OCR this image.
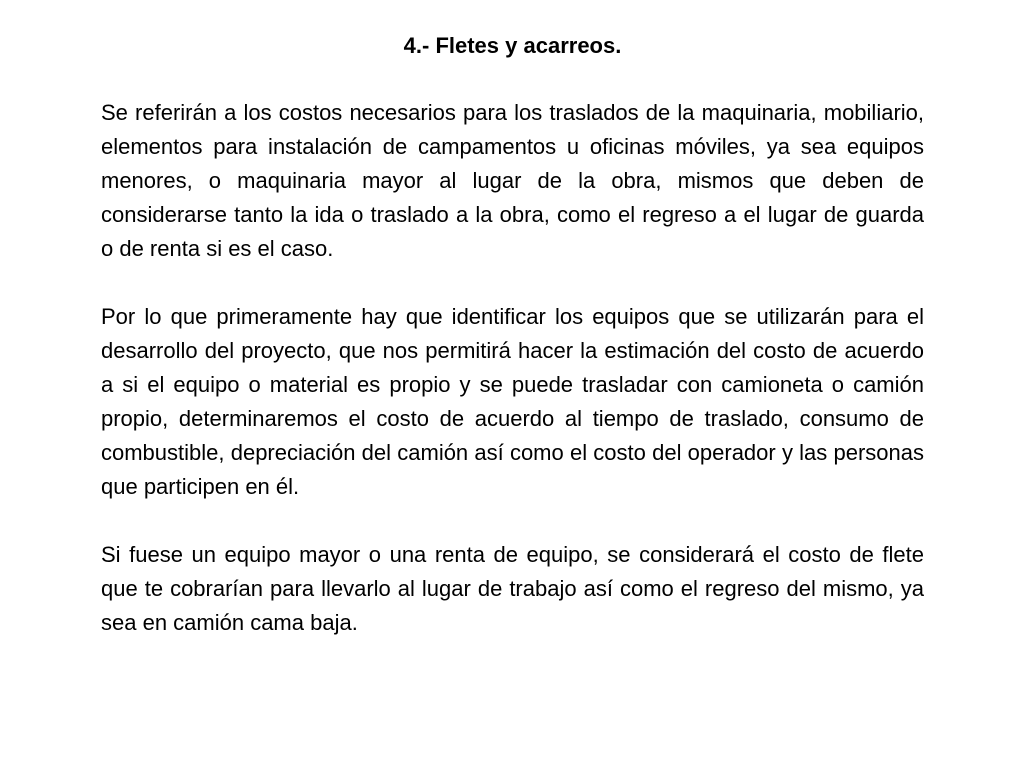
4.- Fletes y acarreos.

Se referirán a los costos necesarios para los traslados de la maquinaria, mobiliario, elementos para instalación de campamentos u oficinas móviles, ya sea equipos menores, o maquinaria mayor al lugar de la obra, mismos que deben de considerarse tanto la ida o traslado a la obra, como el regreso a el lugar de guarda o de renta si es el caso.

Por lo que primeramente hay que identificar los equipos que se utilizarán para el desarrollo del proyecto, que nos permitirá hacer la estimación del costo de acuerdo a si el equipo o material es propio y se puede trasladar con camioneta o camión propio, determinaremos el costo de acuerdo al tiempo de traslado, consumo de combustible, depreciación del camión así como el costo del operador y las personas que participen en él.

Si fuese un equipo mayor o una renta de equipo, se considerará el costo de flete que te cobrarían para llevarlo al lugar de trabajo así como el regreso del mismo, ya sea en camión cama baja.
